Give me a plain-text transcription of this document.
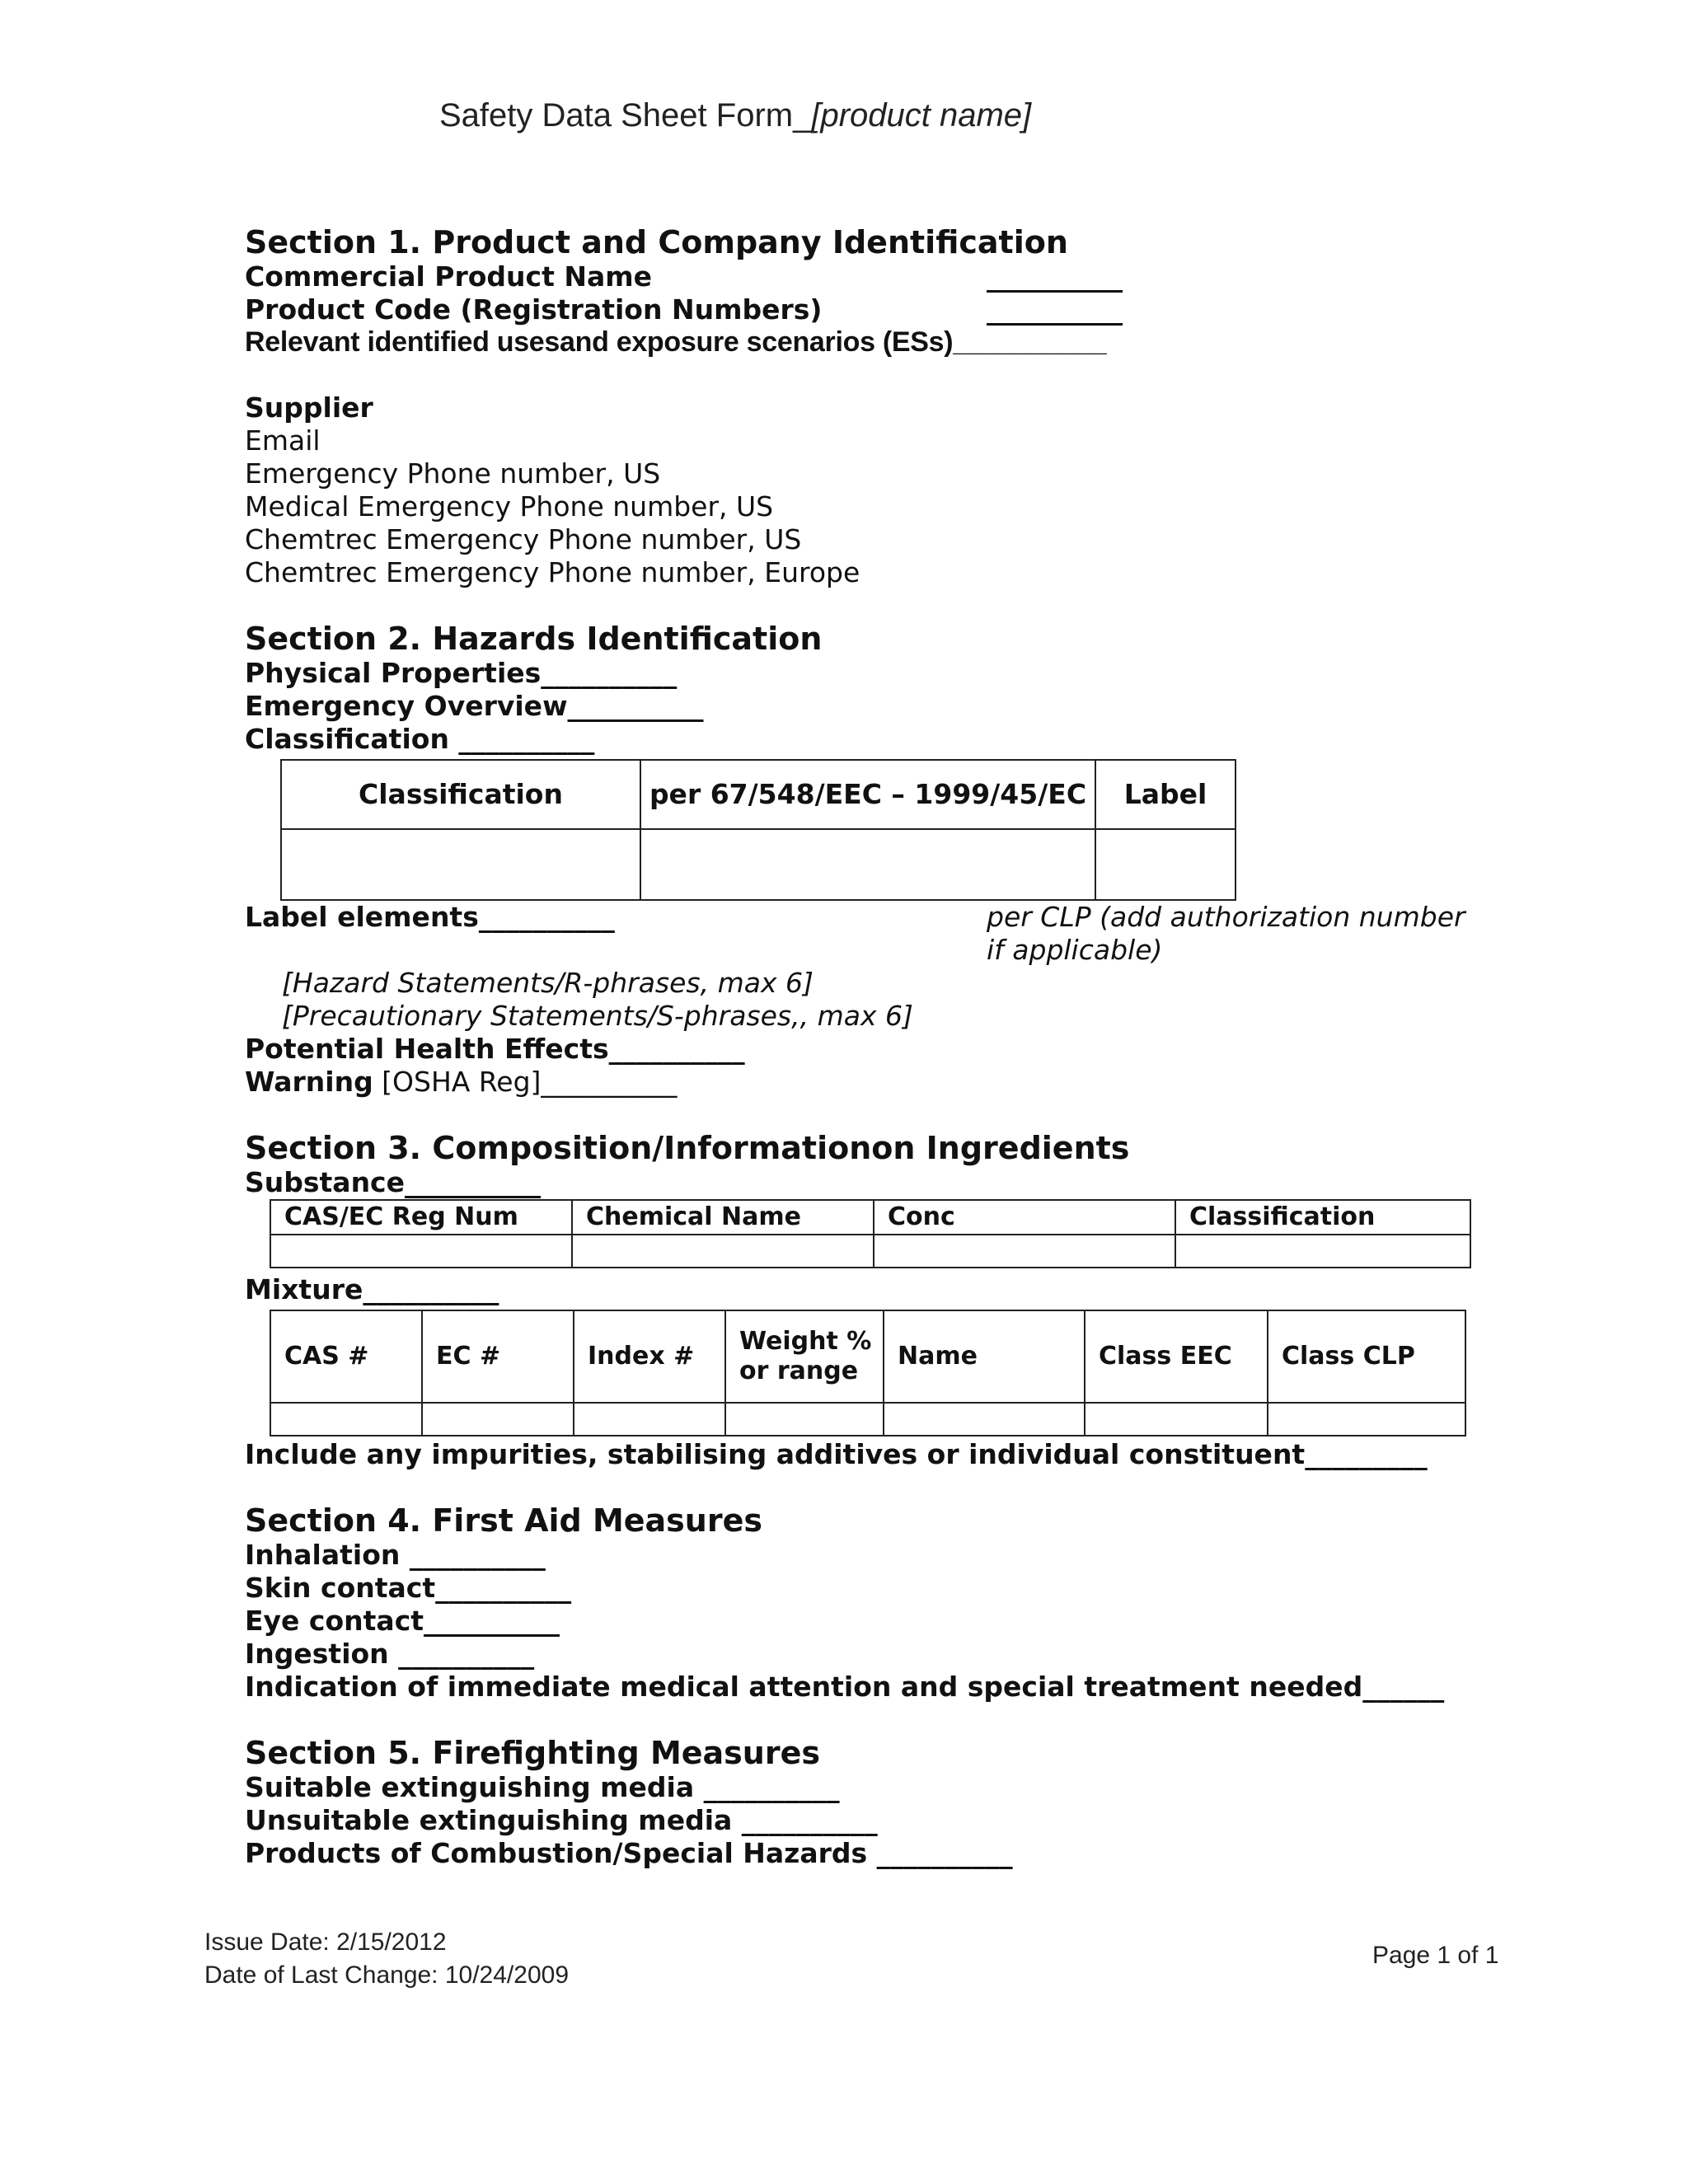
Safety Data Sheet Form_[product name]
Section 1. Product and Company Identification
Commercial Product Name	__________
Product Code (Registration Numbers)	__________
Relevant identified usesand exposure scenarios (ESs)__________
Supplier
Email
Emergency Phone number, US
Medical Emergency Phone number, US
Chemtrec Emergency Phone number, US
Chemtrec Emergency Phone number, Europe
Section 2. Hazards Identification
Physical Properties__________
Emergency Overview__________
Classification __________
Classification	per 67/548/EEC – 1999/45/EC	Label

Label elements__________	per CLP (add authorization number if applicable)
[Hazard Statements/R-phrases, max 6]
[Precautionary Statements/S-phrases,, max 6]
Potential Health Effects__________
Warning [OSHA Reg]__________
Section 3. Composition/Informationon Ingredients
Substance__________
CAS/EC Reg Num	Chemical Name	Conc	Classification

Mixture__________
CAS #	EC #	Index #	Weight % or range	Name	Class EEC	Class CLP

Include any impurities, stabilising additives or individual constituent_________
Section 4. First Aid Measures
Inhalation __________
Skin contact__________
Eye contact__________
Ingestion __________
Indication of immediate medical attention and special treatment needed______
Section 5. Firefighting Measures
Suitable extinguishing media __________
Unsuitable extinguishing media __________
Products of Combustion/Special Hazards __________
Issue Date: 2/15/2012
Date of Last Change: 10/24/2009
Page 1 of 1
